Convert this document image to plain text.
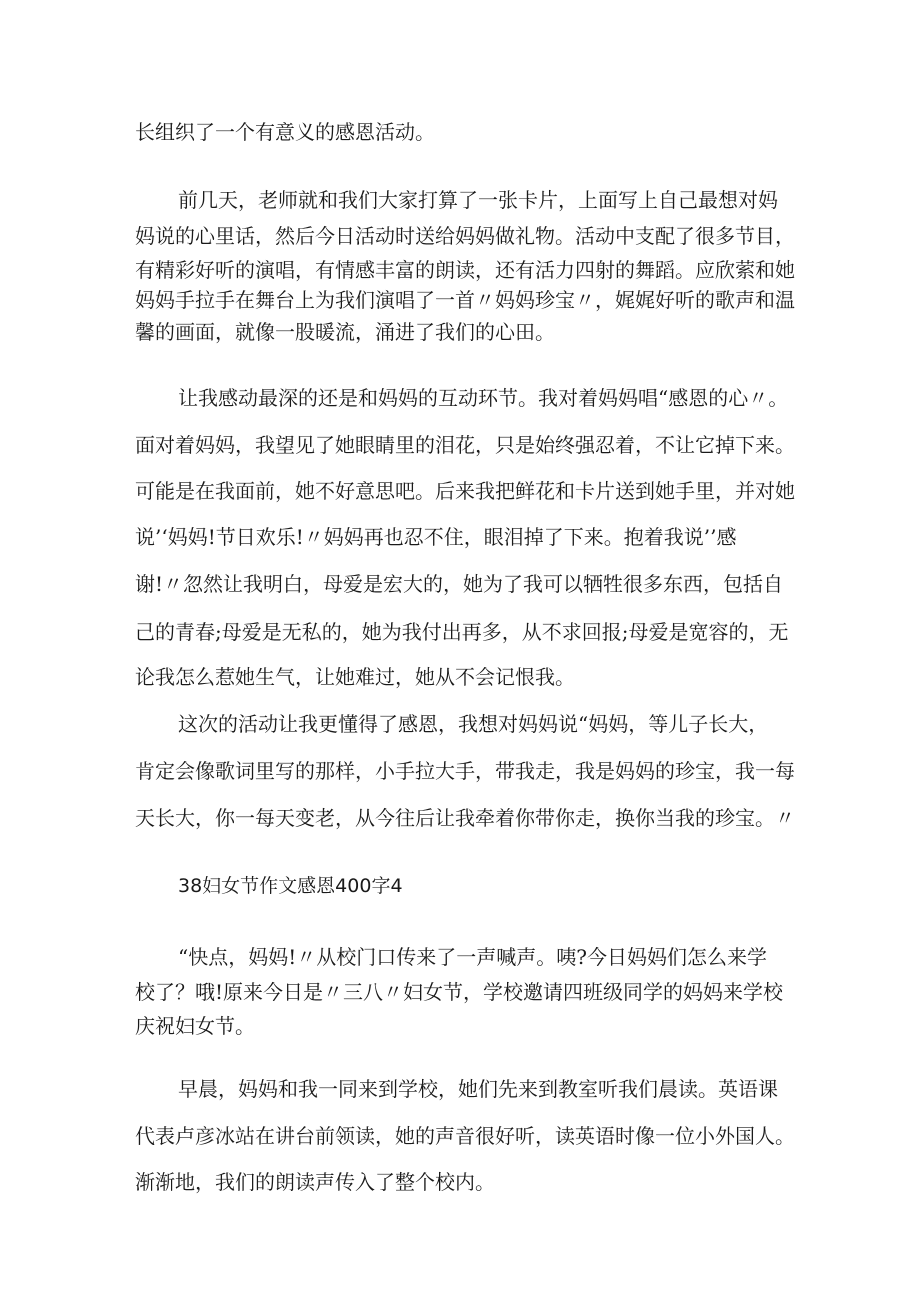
长组织了一个有意义的感恩活动。

前几天，老师就和我们大家打算了一张卡片，上面写上自己最想对妈

妈说的心里话，然后今日活动时送给妈妈做礼物。活动中支配了很多节目，

有精彩好听的演唱，有情感丰富的朗读，还有活力四射的舞蹈。应欣萦和她

妈妈手拉手在舞台上为我们演唱了一首〃妈妈珍宝〃，娓娓好听的歌声和温

馨的画面，就像一股暖流，涌进了我们的心田。

让我感动最深的还是和妈妈的互动环节。我对着妈妈唱“感恩的心〃。

面对着妈妈，我望见了她眼睛里的泪花，只是始终强忍着，不让它掉下来。

可能是在我面前，她不好意思吧。后来我把鲜花和卡片送到她手里，并对她

说’‘妈妈!节日欢乐!〃妈妈再也忍不住，眼泪掉了下来。抱着我说’’感

谢!〃忽然让我明白，母爱是宏大的，她为了我可以牺牲很多东西，包括自

己的青春;母爱是无私的，她为我付出再多，从不求回报;母爱是宽容的，无

论我怎么惹她生气，让她难过，她从不会记恨我。

这次的活动让我更懂得了感恩，我想对妈妈说“妈妈，等儿子长大，

肯定会像歌词里写的那样，小手拉大手，带我走，我是妈妈的珍宝，我一每

天长大，你一每天变老，从今往后让我牵着你带你走，换你当我的珍宝。〃

38妇女节作文感恩400字4

“快点，妈妈!〃从校门口传来了一声喊声。咦?今日妈妈们怎么来学

校了？哦!原来今日是〃三八〃妇女节，学校邀请四班级同学的妈妈来学校

庆祝妇女节。

早晨，妈妈和我一同来到学校，她们先来到教室听我们晨读。英语课

代表卢彦冰站在讲台前领读，她的声音很好听，读英语时像一位小外国人。

渐渐地，我们的朗读声传入了整个校内。
